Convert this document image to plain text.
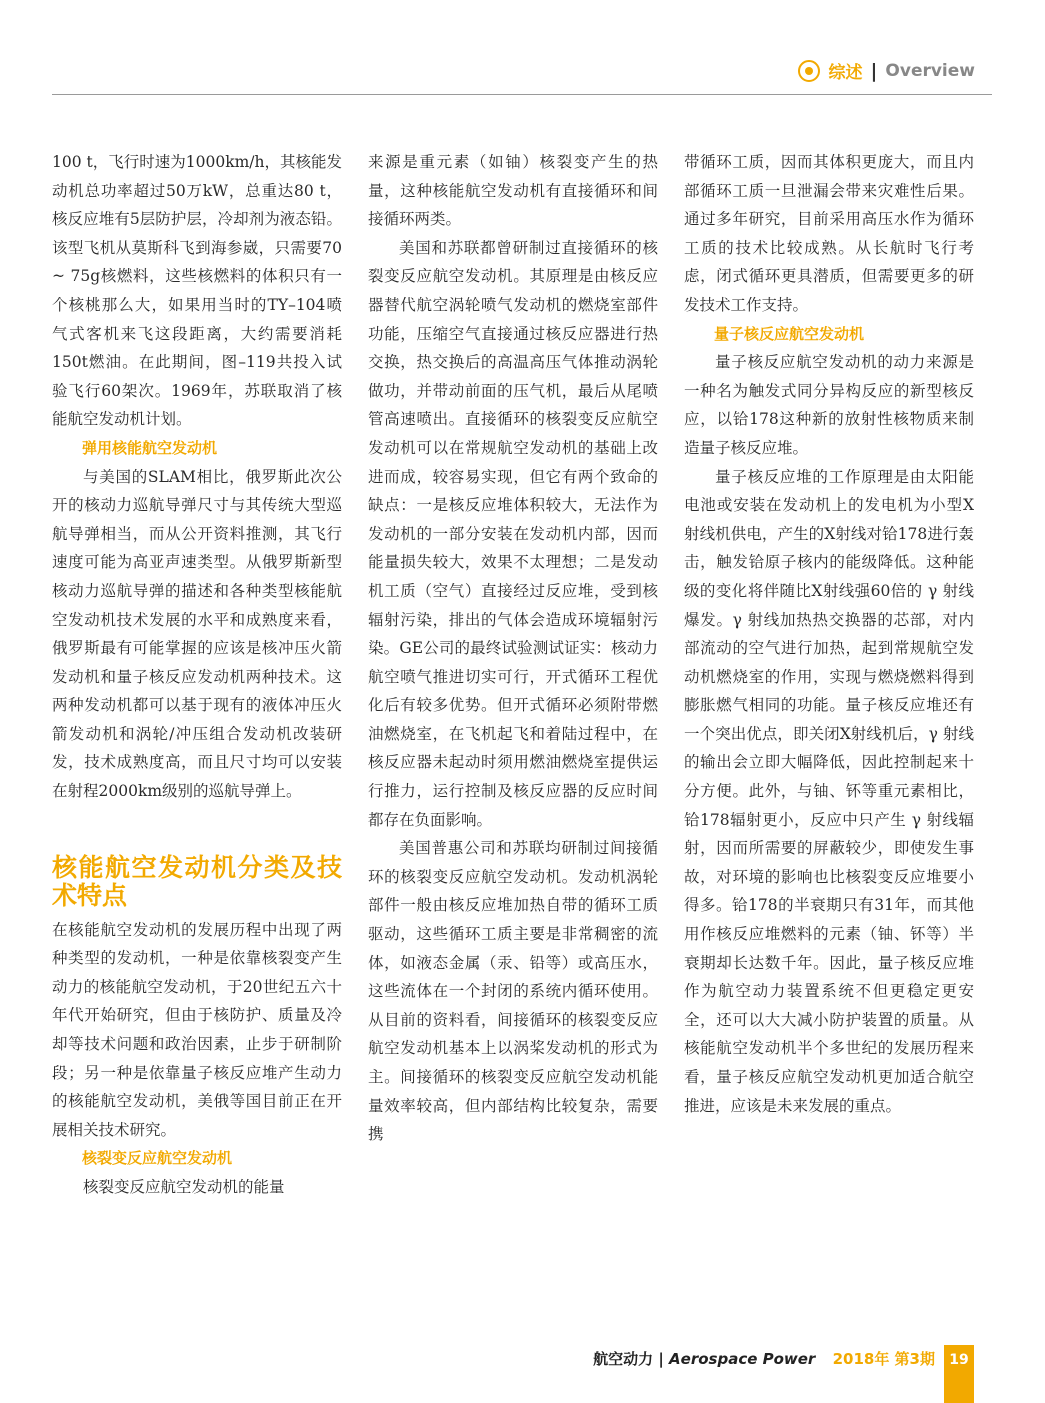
综述 | Overview

100 t，飞行时速为1000km/h，其核能发动机总功率超过50万kW，总重达80 t，核反应堆有5层防护层，冷却剂为液态铅。该型飞机从莫斯科飞到海参崴，只需要70 ~ 75g核燃料，这些核燃料的体积只有一个核桃那么大，如果用当时的TY–104喷气式客机来飞这段距离，大约需要消耗150t燃油。在此期间，图–119共投入试验飞行60架次。1969年，苏联取消了核能航空发动机计划。

弹用核能航空发动机

与美国的SLAM相比，俄罗斯此次公开的核动力巡航导弹尺寸与其传统大型巡航导弹相当，而从公开资料推测，其飞行速度可能为高亚声速类型。从俄罗斯新型核动力巡航导弹的描述和各种类型核能航空发动机技术发展的水平和成熟度来看，俄罗斯最有可能掌握的应该是核冲压火箭发动机和量子核反应发动机两种技术。这两种发动机都可以基于现有的液体冲压火箭发动机和涡轮/冲压组合发动机改装研发，技术成熟度高，而且尺寸均可以安装在射程2000km级别的巡航导弹上。

核能航空发动机分类及技术特点

在核能航空发动机的发展历程中出现了两种类型的发动机，一种是依靠核裂变产生动力的核能航空发动机，于20世纪五六十年代开始研究，但由于核防护、质量及冷却等技术问题和政治因素，止步于研制阶段；另一种是依靠量子核反应堆产生动力的核能航空发动机，美俄等国目前正在开展相关技术研究。

核裂变反应航空发动机

核裂变反应航空发动机的能量

来源是重元素（如铀）核裂变产生的热量，这种核能航空发动机有直接循环和间接循环两类。

美国和苏联都曾研制过直接循环的核裂变反应航空发动机。其原理是由核反应器替代航空涡轮喷气发动机的燃烧室部件功能，压缩空气直接通过核反应器进行热交换，热交换后的高温高压气体推动涡轮做功，并带动前面的压气机，最后从尾喷管高速喷出。直接循环的核裂变反应航空发动机可以在常规航空发动机的基础上改进而成，较容易实现，但它有两个致命的缺点：一是核反应堆体积较大，无法作为发动机的一部分安装在发动机内部，因而能量损失较大，效果不太理想；二是发动机工质（空气）直接经过反应堆，受到核辐射污染，排出的气体会造成环境辐射污染。GE公司的最终试验测试证实：核动力航空喷气推进切实可行，开式循环工程优化后有较多优势。但开式循环必须附带燃油燃烧室，在飞机起飞和着陆过程中，在核反应器未起动时须用燃油燃烧室提供运行推力，运行控制及核反应器的反应时间都存在负面影响。

美国普惠公司和苏联均研制过间接循环的核裂变反应航空发动机。发动机涡轮部件一般由核反应堆加热自带的循环工质驱动，这些循环工质主要是非常稠密的流体，如液态金属（汞、铅等）或高压水，这些流体在一个封闭的系统内循环使用。从目前的资料看，间接循环的核裂变反应航空发动机基本上以涡桨发动机的形式为主。间接循环的核裂变反应航空发动机能量效率较高，但内部结构比较复杂，需要携

带循环工质，因而其体积更庞大，而且内部循环工质一旦泄漏会带来灾难性后果。通过多年研究，目前采用高压水作为循环工质的技术比较成熟。从长航时飞行考虑，闭式循环更具潜质，但需要更多的研发技术工作支持。

量子核反应航空发动机

量子核反应航空发动机的动力来源是一种名为触发式同分异构反应的新型核反应，以铪178这种新的放射性核物质来制造量子核反应堆。

量子核反应堆的工作原理是由太阳能电池或安装在发动机上的发电机为小型X射线机供电，产生的X射线对铪178进行轰击，触发铪原子核内的能级降低。这种能级的变化将伴随比X射线强60倍的 γ 射线爆发。γ 射线加热热交换器的芯部，对内部流动的空气进行加热，起到常规航空发动机燃烧室的作用，实现与燃烧燃料得到膨胀燃气相同的功能。量子核反应堆还有一个突出优点，即关闭X射线机后，γ 射线的输出会立即大幅降低，因此控制起来十分方便。此外，与铀、钚等重元素相比，铪178辐射更小，反应中只产生 γ 射线辐射，因而所需要的屏蔽较少，即使发生事故，对环境的影响也比核裂变反应堆要小得多。铪178的半衰期只有31年，而其他用作核反应堆燃料的元素（铀、钚等）半衰期却长达数千年。因此，量子核反应堆作为航空动力装置系统不但更稳定更安全，还可以大大减小防护装置的质量。从核能航空发动机半个多世纪的发展历程来看，量子核反应航空发动机更加适合航空推进，应该是未来发展的重点。

航空动力 | Aerospace Power 2018年 第3期	19
